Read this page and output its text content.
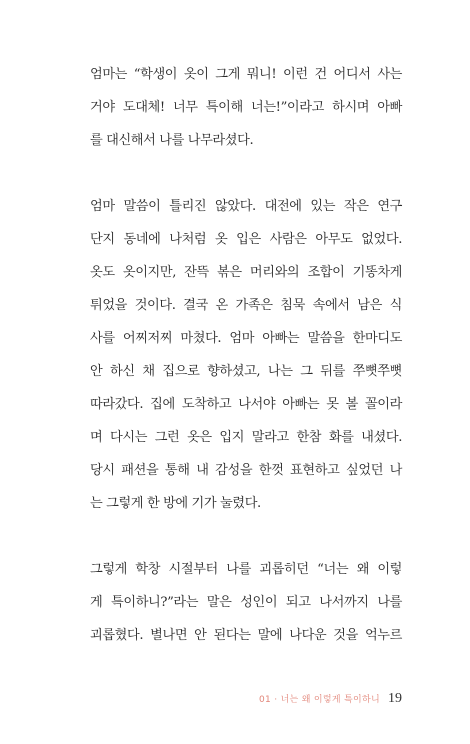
엄마는 “학생이 옷이 그게 뭐니! 이런 건 어디서 사는
거야 도대체! 너무 특이해 너는!”이라고 하시며 아빠
를 대신해서 나를 나무라셨다.
엄마 말씀이 틀리진 않았다. 대전에 있는 작은 연구
단지 동네에 나처럼 옷 입은 사람은 아무도 없었다.
옷도 옷이지만, 잔뜩 볶은 머리와의 조합이 기똥차게
튀었을 것이다. 결국 온 가족은 침묵 속에서 남은 식
사를 어찌저찌 마쳤다. 엄마 아빠는 말씀을 한마디도
안 하신 채 집으로 향하셨고, 나는 그 뒤를 쭈뼛쭈뼛
따라갔다. 집에 도착하고 나서야 아빠는 못 볼 꼴이라
며 다시는 그런 옷은 입지 말라고 한참 화를 내셨다.
당시 패션을 통해 내 감성을 한껏 표현하고 싶었던 나
는 그렇게 한 방에 기가 눌렸다.
그렇게 학창 시절부터 나를 괴롭히던 “너는 왜 이렇
게 특이하니?”라는 말은 성인이 되고 나서까지 나를
괴롭혔다. 별나면 안 된다는 말에 나다운 것을 억누르
01 · 너는 왜 이렇게 특이하니 19
